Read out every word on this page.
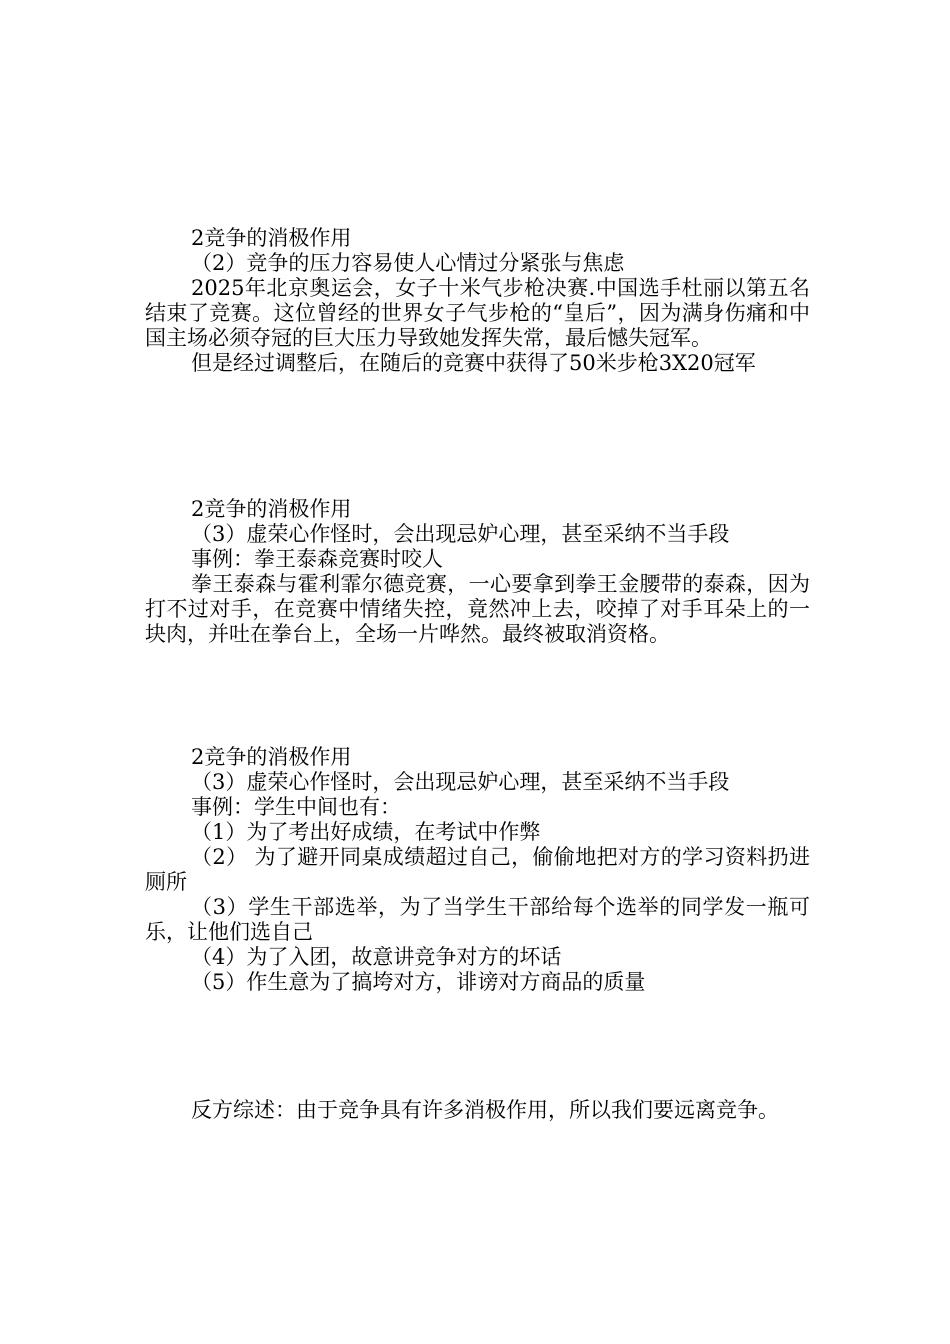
2竞争的消极作用

（2）竞争的压力容易使人心情过分紧张与焦虑

2025年北京奥运会，女子十米气步枪决赛.中国选手杜丽以第五名结束了竞赛。这位曾经的世界女子气步枪的“皇后”，因为满身伤痛和中国主场必须夺冠的巨大压力导致她发挥失常，最后憾失冠军。

但是经过调整后，在随后的竞赛中获得了50米步枪3X20冠军

2竞争的消极作用

（3）虚荣心作怪时，会出现忌妒心理，甚至采纳不当手段

事例：拳王泰森竞赛时咬人

拳王泰森与霍利霏尔德竞赛，一心要拿到拳王金腰带的泰森，因为打不过对手，在竞赛中情绪失控，竟然冲上去，咬掉了对手耳朵上的一块肉，并吐在拳台上，全场一片哗然。最终被取消资格。

2竞争的消极作用

（3）虚荣心作怪时，会出现忌妒心理，甚至采纳不当手段

事例：学生中间也有：

（1）为了考出好成绩，在考试中作弊

（2） 为了避开同桌成绩超过自己，偷偷地把对方的学习资料扔进厕所

（3）学生干部选举，为了当学生干部给每个选举的同学发一瓶可乐，让他们选自己

（4）为了入团，故意讲竞争对方的坏话

（5）作生意为了搞垮对方，诽谤对方商品的质量

反方综述：由于竞争具有许多消极作用，所以我们要远离竞争。
